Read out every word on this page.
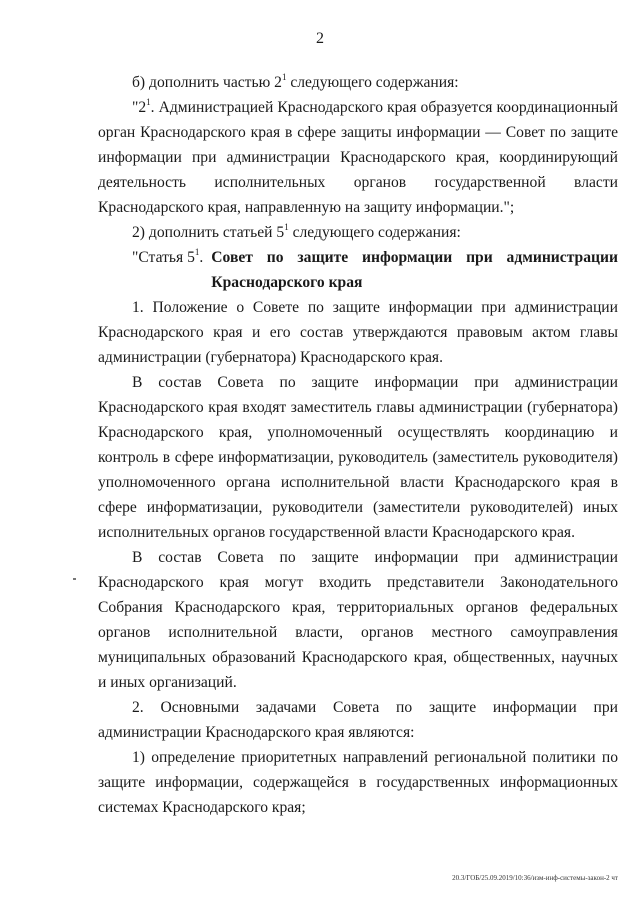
2

б) дополнить частью $2^1$ следующего содержания:

"$2^1$. Администрацией Краснодарского края образуется координационный орган Краснодарского края в сфере защиты информации — Совет по защите информации при администрации Краснодарского края, координирующий деятельность исполнительных органов государственной власти Краснодарского края, направленную на защиту информации.";

2) дополнить статьей $5^1$ следующего содержания:

"Статья $5^1$. Совет по защите информации при администрации Краснодарского края

1. Положение о Совете по защите информации при администрации Краснодарского края и его состав утверждаются правовым актом главы администрации (губернатора) Краснодарского края.

В состав Совета по защите информации при администрации Краснодарского края входят заместитель главы администрации (губернатора) Краснодарского края, уполномоченный осуществлять координацию и контроль в сфере информатизации, руководитель (заместитель руководителя) уполномоченного органа исполнительной власти Краснодарского края в сфере информатизации, руководители (заместители руководителей) иных исполнительных органов государственной власти Краснодарского края.

В состав Совета по защите информации при администрации Краснодарского края могут входить представители Законодательного Собрания Краснодарского края, территориальных органов федеральных органов исполнительной власти, органов местного самоуправления муниципальных образований Краснодарского края, общественных, научных и иных организаций.

2. Основными задачами Совета по защите информации при администрации Краснодарского края являются:

1) определение приоритетных направлений региональной политики по защите информации, содержащейся в государственных информационных системах Краснодарского края;

20.3/ГОБ/25.09.2019/10:36/изм-инф-системы-закон-2 чт
